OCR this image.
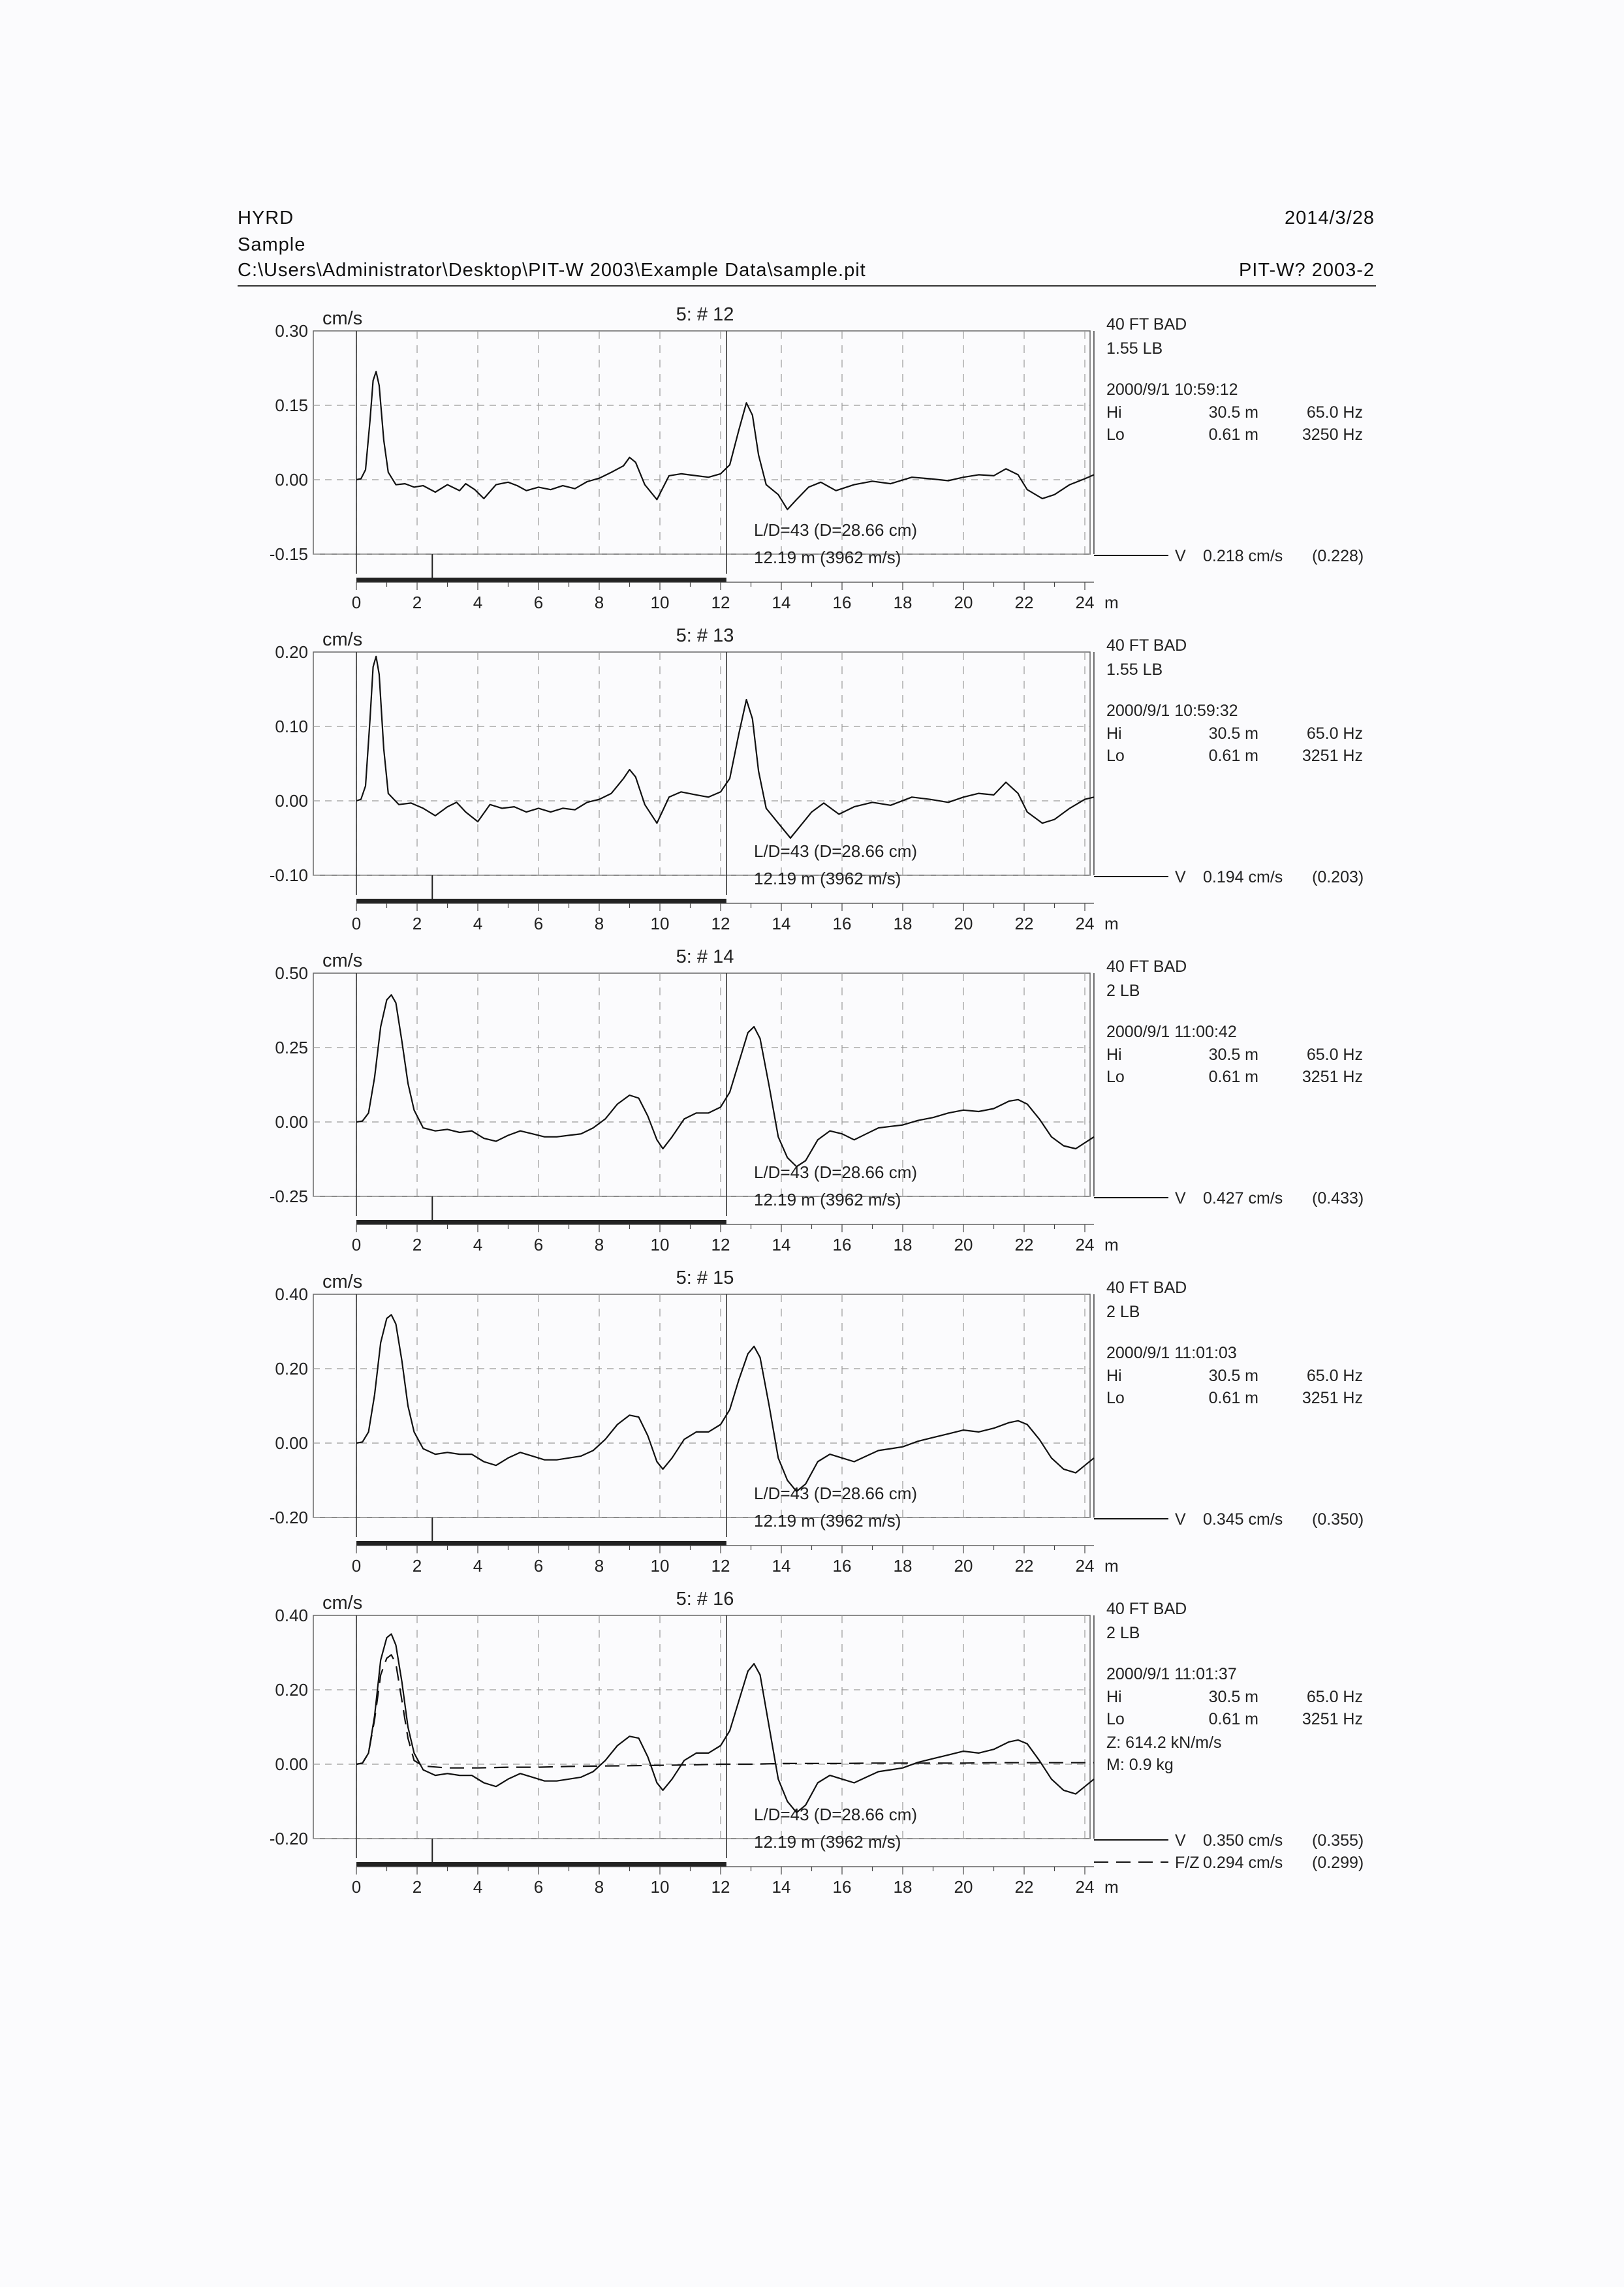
HYRD
Sample
C:\Users\Administrator\Desktop\PIT-W 2003\Example Data\sample.pit
2014/3/28
PIT-W? 2003-2
0.30
0.15
0.00
-0.15
cm/s	5: # 12
0	2	4	6	8	10 12 14 16 18 20 22 24 m
L/D=43 (D=28.66 cm)
12.19 m (3962 m/s)
40 FT BAD
1.55 LB
2000/9/1 10:59:12
Hi	30.5 m	65.0 Hz
Lo	0.61 m	3250 Hz
V 0.218 cm/s (0.228)
0.20
0.10
0.00
-0.10
cm/s	5: # 13
0	2	4	6	8	10 12 14 16 18 20 22 24 m
L/D=43 (D=28.66 cm)
12.19 m (3962 m/s)
40 FT BAD
1.55 LB
2000/9/1 10:59:32
Hi	30.5 m	65.0 Hz
Lo	0.61 m	3251 Hz
V 0.194 cm/s (0.203)
0.50
0.25
0.00
-0.25
cm/s	5: # 14
0	2	4	6	8	10 12 14 16 18 20 22 24 m
L/D=43 (D=28.66 cm)
12.19 m (3962 m/s)
40 FT BAD
2 LB
2000/9/1 11:00:42
Hi	30.5 m	65.0 Hz
Lo	0.61 m	3251 Hz
V 0.427 cm/s (0.433)
0.40
0.20
0.00
-0.20
cm/s	5: # 15
0	2	4	6	8	10 12 14 16 18 20 22 24 m
L/D=43 (D=28.66 cm)
12.19 m (3962 m/s)
40 FT BAD
2 LB
2000/9/1 11:01:03
Hi	30.5 m	65.0 Hz
Lo	0.61 m	3251 Hz
V 0.345 cm/s (0.350)
0.40
0.20
0.00
-0.20
cm/s	5: # 16
0	2	4	6	8	10 12 14 16 18 20 22 24 m
L/D=43 (D=28.66 cm)
12.19 m (3962 m/s)
40 FT BAD
2 LB
2000/9/1 11:01:37
Hi	30.5 m	65.0 Hz
Lo	0.61 m	3251 Hz
Z: 614.2 kN/m/s
M: 0.9 kg
V 0.350 cm/s (0.355)
F/Z 0.294 cm/s (0.299)
